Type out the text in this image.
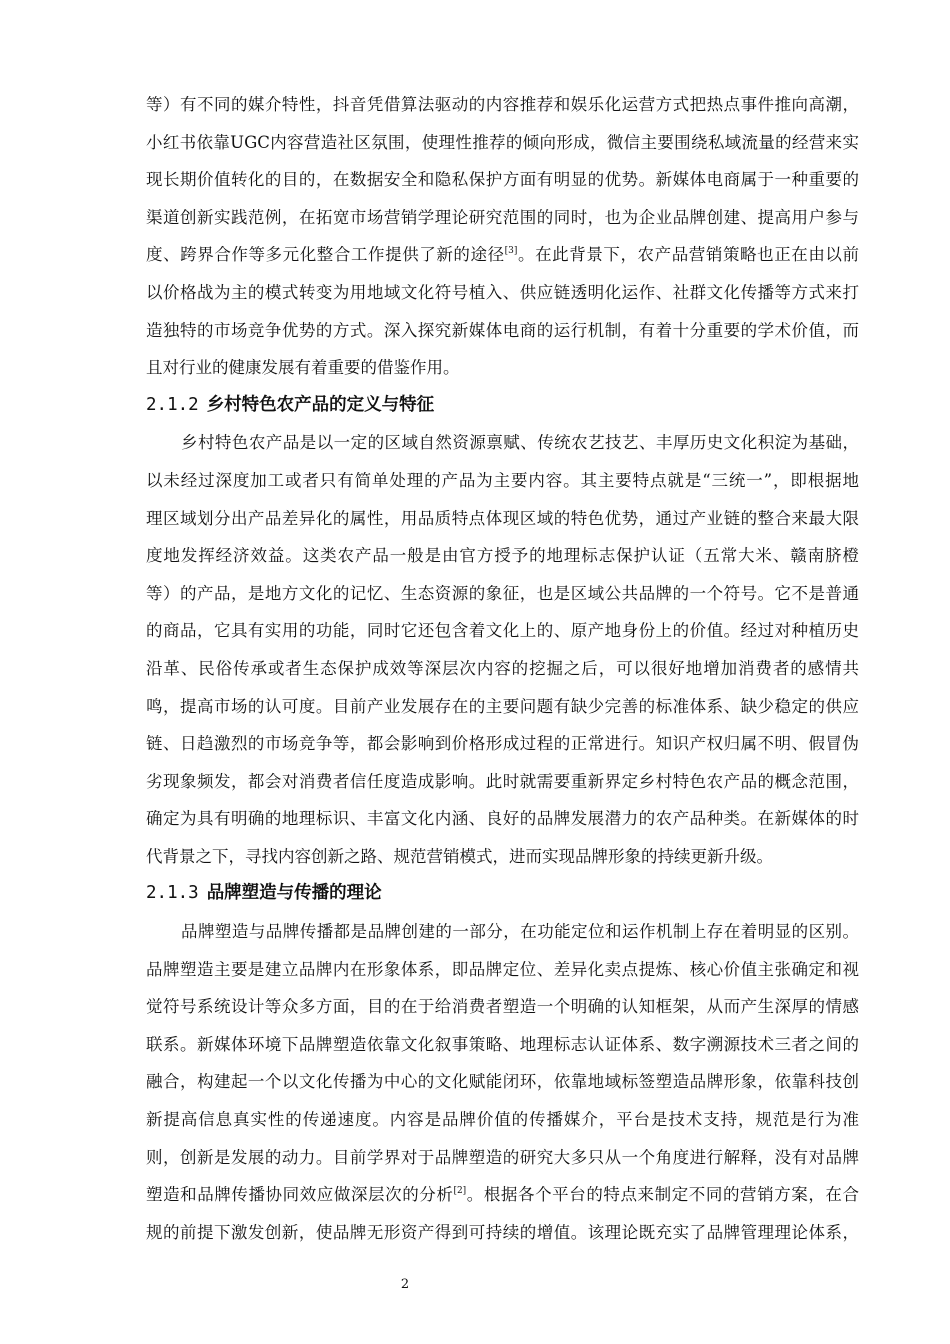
等）有不同的媒介特性，抖音凭借算法驱动的内容推荐和娱乐化运营方式把热点事件推向高潮，
小红书依靠UGC内容营造社区氛围，使理性推荐的倾向形成，微信主要围绕私域流量的经营来实
现长期价值转化的目的，在数据安全和隐私保护方面有明显的优势。新媒体电商属于一种重要的
渠道创新实践范例，在拓宽市场营销学理论研究范围的同时，也为企业品牌创建、提高用户参与
度、跨界合作等多元化整合工作提供了新的途径[3]。在此背景下，农产品营销策略也正在由以前
以价格战为主的模式转变为用地域文化符号植入、供应链透明化运作、社群文化传播等方式来打
造独特的市场竞争优势的方式。深入探究新媒体电商的运行机制，有着十分重要的学术价值，而
且对行业的健康发展有着重要的借鉴作用。
2.1.2 乡村特色农产品的定义与特征
乡村特色农产品是以一定的区域自然资源禀赋、传统农艺技艺、丰厚历史文化积淀为基础，
以未经过深度加工或者只有简单处理的产品为主要内容。其主要特点就是“三统一”，即根据地
理区域划分出产品差异化的属性，用品质特点体现区域的特色优势，通过产业链的整合来最大限
度地发挥经济效益。这类农产品一般是由官方授予的地理标志保护认证（五常大米、赣南脐橙
等）的产品，是地方文化的记忆、生态资源的象征，也是区域公共品牌的一个符号。它不是普通
的商品，它具有实用的功能，同时它还包含着文化上的、原产地身份上的价值。经过对种植历史
沿革、民俗传承或者生态保护成效等深层次内容的挖掘之后，可以很好地增加消费者的感情共
鸣，提高市场的认可度。目前产业发展存在的主要问题有缺少完善的标准体系、缺少稳定的供应
链、日趋激烈的市场竞争等，都会影响到价格形成过程的正常进行。知识产权归属不明、假冒伪
劣现象频发，都会对消费者信任度造成影响。此时就需要重新界定乡村特色农产品的概念范围，
确定为具有明确的地理标识、丰富文化内涵、良好的品牌发展潜力的农产品种类。在新媒体的时
代背景之下，寻找内容创新之路、规范营销模式，进而实现品牌形象的持续更新升级。
2.1.3 品牌塑造与传播的理论
品牌塑造与品牌传播都是品牌创建的一部分，在功能定位和运作机制上存在着明显的区别。
品牌塑造主要是建立品牌内在形象体系，即品牌定位、差异化卖点提炼、核心价值主张确定和视
觉符号系统设计等众多方面，目的在于给消费者塑造一个明确的认知框架，从而产生深厚的情感
联系。新媒体环境下品牌塑造依靠文化叙事策略、地理标志认证体系、数字溯源技术三者之间的
融合，构建起一个以文化传播为中心的文化赋能闭环，依靠地域标签塑造品牌形象，依靠科技创
新提高信息真实性的传递速度。内容是品牌价值的传播媒介，平台是技术支持，规范是行为准
则，创新是发展的动力。目前学界对于品牌塑造的研究大多只从一个角度进行解释，没有对品牌
塑造和品牌传播协同效应做深层次的分析[2]。根据各个平台的特点来制定不同的营销方案，在合
规的前提下激发创新，使品牌无形资产得到可持续的增值。该理论既充实了品牌管理理论体系，
2
